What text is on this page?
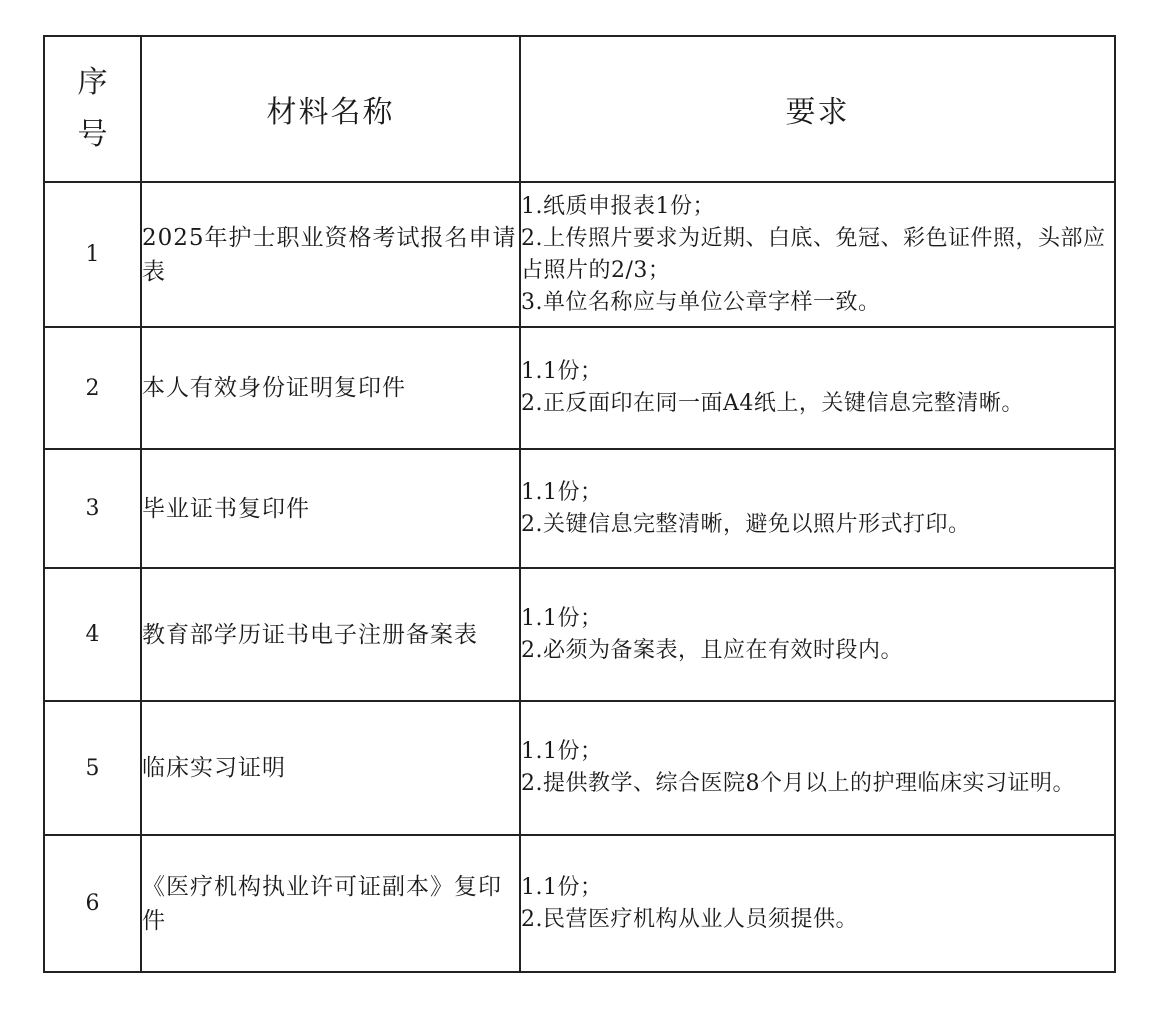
序
号	材料名称	要求
1	2025年护士职业资格考试报名申请表	1.纸质申报表1份；
2.上传照片要求为近期、白底、免冠、彩色证件照，头部应占照片的2/3；
3.单位名称应与单位公章字样一致。

2	本人有效身份证明复印件	1.1份；
2.正反面印在同一面A4纸上，关键信息完整清晰。

3	毕业证书复印件	1.1份；
2.关键信息完整清晰，避免以照片形式打印。

4	教育部学历证书电子注册备案表	1.1份；
2.必须为备案表，且应在有效时段内。

5	临床实习证明	1.1份；
2.提供教学、综合医院8个月以上的护理临床实习证明。

6	《医疗机构执业许可证副本》复印件	1.1份；
2.民营医疗机构从业人员须提供。
